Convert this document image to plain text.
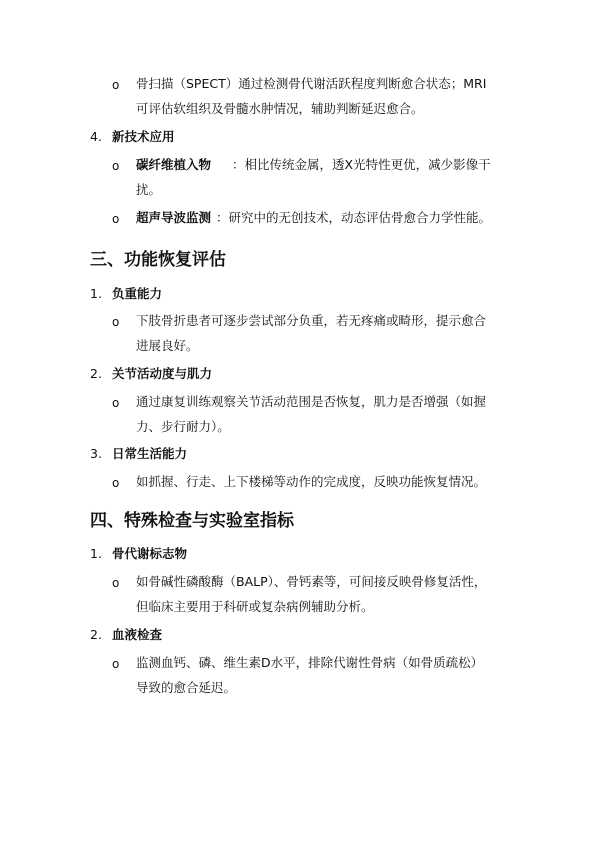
o 骨扫描（SPECT）通过检测骨代谢活跃程度判断愈合状态；MRI
可评估软组织及骨髓水肿情况，辅助判断延迟愈合。
4. 新技术应用
o 碳纤维植入物 ：相比传统金属，透X光特性更优，减少影像干
扰。
o 超声导波监测 ：研究中的无创技术，动态评估骨愈合力学性能。
三、功能恢复评估
1. 负重能力
o 下肢骨折患者可逐步尝试部分负重，若无疼痛或畸形，提示愈合
进展良好。
2. 关节活动度与肌力
o 通过康复训练观察关节活动范围是否恢复，肌力是否增强（如握
力、步行耐力）。
3. 日常生活能力
o 如抓握、行走、上下楼梯等动作的完成度，反映功能恢复情况。
四、特殊检查与实验室指标
1. 骨代谢标志物
o 如骨碱性磷酸酶（BALP）、骨钙素等，可间接反映骨修复活性，
但临床主要用于科研或复杂病例辅助分析。
2. 血液检查
o 监测血钙、磷、维生素D水平，排除代谢性骨病（如骨质疏松）
导致的愈合延迟。
